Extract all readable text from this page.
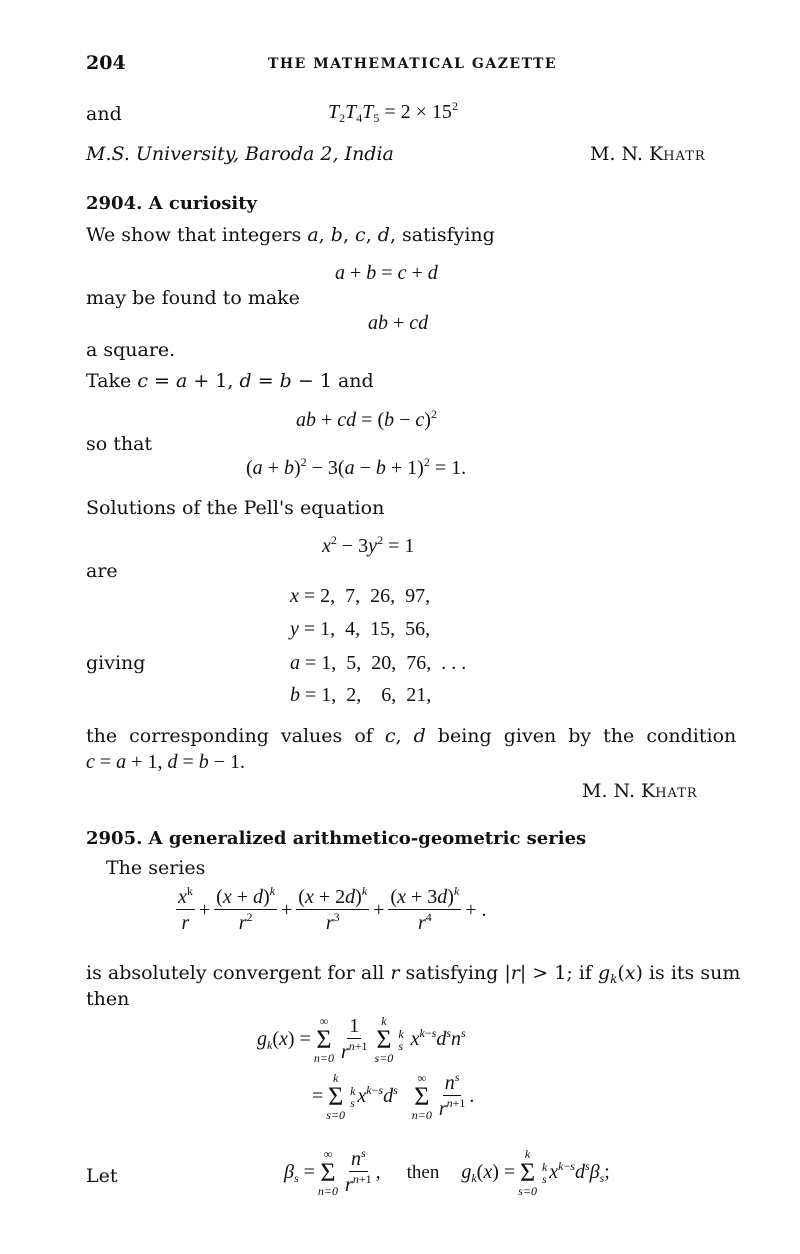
204	THE MATHEMATICAL GAZETTE
and	$T_2T_4T_5 = 2 \times 15^2$
M.S. University, Baroda 2, India	M. N. Khatr
2904. A curiosity
We show that integers a, b, c, d, satisfying
a + b = c + d
may be found to make
ab + cd
a square.
Take c = a + 1, d = b − 1 and
ab + cd = $(b - c)^2$
so that
$(a + b)^2 - 3(a - b + 1)^2 = 1$.
Solutions of the Pell's equation
$x^2 - 3y^2 = 1$
are
x = 2,  7,  26,  97,
y = 1,  4,  15,  56,
giving	a = 1,  5,  20,  76,  . . .
b = 1,  2,    6,  21,
the corresponding values of c, d being given by the condition
c = a + 1, d = b − 1.
M. N. Khatr
2905. A generalized arithmetico-geometric series
The series
$\frac{x^k}{r} + \frac{(x + d)^k}{r^2} + \frac{(x + 2d)^k}{r^3} + \frac{(x + 3d)^k}{r^4}$ + .
is absolutely convergent for all r satisfying |r| > 1; if $g_k(x)$ is its sum
then
$g_k(x)$ =
∞
Σ
$n=0 \frac{1}{r^{n+1}}$ k
Σ
s=0
k
s $x^{k-s}d^sn^s$
=
k
Σ
s=0
k
s $x^{k-s}d^s$
∞
Σ
$n=0 \frac{n^s}{r^{n+1}}$ .
Let	$\beta_s$ =
∞
Σ
$n=0 \frac{n^s}{r^{n+1}}$ , then $g_k(x)$ =
k
Σ
s=0
k
s $x^{k-s}d^s\beta_s$;
